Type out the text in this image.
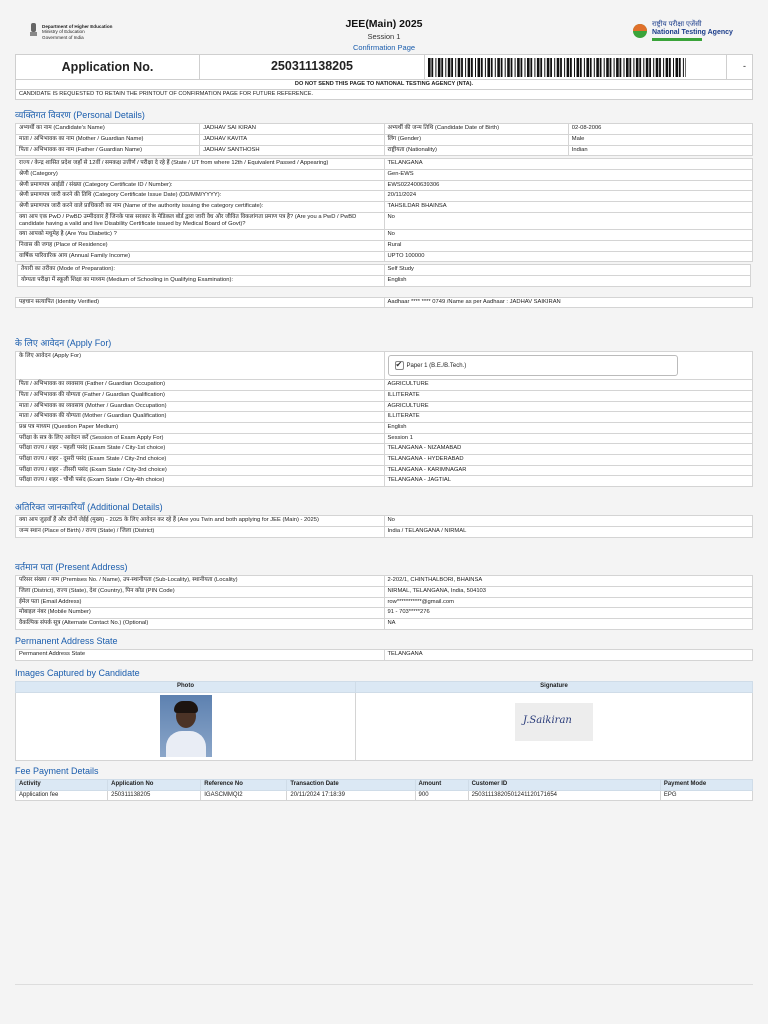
Department of Higher Education
Ministry of Education
Government of India
JEE(Main) 2025
Session 1
Confirmation Page
राष्ट्रीय परीक्षा एजेंसी
National Testing Agency
Application No.	250311138205	-
DO NOT SEND THIS PAGE TO NATIONAL TESTING AGENCY (NTA).
CANDIDATE IS REQUESTED TO RETAIN THE PRINTOUT OF CONFIRMATION PAGE FOR FUTURE REFERENCE.
व्यक्तिगत विवरण (Personal Details)
अभ्यर्थी का नाम (Candidate's Name)	JADHAV SAI KIRAN	अभ्यर्थी की जन्म तिथि (Candidate Date of Birth)	02-08-2006
माता / अभिभावक का नाम (Mother / Guardian Name)	JADHAV KAVITA	लिंग (Gender)	Male
पिता / अभिभावक का नाम (Father / Guardian Name)	JADHAV SANTHOSH	राष्ट्रीयता (Nationality)	Indian
राज्य / केन्द्र शासित प्रदेश जहाँ से 12वीं / समकक्ष उत्तीर्ण / परीक्षा दे रहे हैं (State / UT from where 12th / Equivalent Passed / Appearing)	TELANGANA
श्रेणी (Category)	Gen-EWS
श्रेणी प्रमाणपत्र आईडी / संख्या (Category Certificate ID / Number):	EWS022400639306
श्रेणी प्रमाणपत्र जारी करने की तिथि (Category Certificate Issue Date) (DD/MM/YYYY):	20/11/2024
श्रेणी प्रमाणपत्र जारी करने वाले प्राधिकारी का नाम (Name of the authority issuing the category certificate):	TAHSILDAR BHAINSA
क्या आप एक PwD / PwBD उम्मीदवार हैं जिनके पास सरकार के मेडिकल बोर्ड द्वारा जारी वैध और जीवित विकलांगता प्रमाण पत्र है? (Are you a PwD / PwBD candidate having a valid and live Disability Certificate issued by Medical Board of Govt)?	No
क्या आपको मधुमेह है (Are You Diabetic) ?	No
निवास की जगह (Place of Residence)	Rural
वार्षिक पारिवारिक आय (Annual Family Income)	UPTO 100000
तैयारी का तरीका (Mode of Preparation):	Self Study
योग्यता परीक्षा में स्कूली शिक्षा का माध्यम (Medium of Schooling in Qualifying Examination):	English
पहचान सत्यापित (Identity Verified)	Aadhaar **** **** 0749 /Name as per Aadhaar : JADHAV SAIKIRAN
के लिए आवेदन (Apply For)
के लिए आवेदन (Apply For)	
✔Paper 1 (B.E./B.Tech.)

पिता / अभिभावक का व्यवसाय (Father / Guardian Occupation)	AGRICULTURE
पिता / अभिभावक की योग्यता (Father / Guardian Qualification)	ILLITERATE
माता / अभिभावक का व्यवसाय (Mother / Guardian Occupation)	AGRICULTURE
माता / अभिभावक की योग्यता (Mother / Guardian Qualification)	ILLITERATE
प्रश्न पत्र माध्यम (Question Paper Medium)	English
परीक्षा के सत्र के लिए आवेदन करें (Session of Exam Apply For)	Session 1
परीक्षा राज्य / शहर - पहली पसंद (Exam State / City-1st choice)	TELANGANA - NIZAMABAD
परीक्षा राज्य / शहर - दूसरी पसंद (Exam State / City-2nd choice)	TELANGANA - HYDERABAD
परीक्षा राज्य / शहर - तीसरी पसंद (Exam State / City-3rd choice)	TELANGANA - KARIMNAGAR
परीक्षा राज्य / शहर - चौथी पसंद (Exam State / City-4th choice)	TELANGANA - JAGTIAL
अतिरिक्त जानकारियाँ (Additional Details)
क्या आप जुड़वाँ हैं और दोनों जेईई (मुख्य) - 2025 के लिए आवेदन कर रहे हैं (Are you Twin and both applying for JEE (Main) - 2025)	No
जन्म स्थान (Place of Birth) / राज्य (State) / जिला (District)	India / TELANGANA / NIRMAL
वर्तमान पता (Present Address)
परिसर संख्या / नाम (Premises No. / Name), उप-स्थानीयता (Sub-Locality), स्थानीयता (Locality)	2-202/1, CHINTHALBORI, BHAINSA
जिला (District), राज्य (State), देश (Country), पिन कोड (PIN Code)	NIRMAL, TELANGANA, India, 504103
ईमेल पता (Email Address)	row***********@gmail.com
मोबाइल नंबर (Mobile Number)	91 - 703*****276
वैकल्पिक संपर्क सूत्र (Alternate Contact No.) (Optional)	NA
Permanent Address State
Permanent Address State	TELANGANA
Images Captured by Candidate
Photo	Signature

	J.Saikiran
Fee Payment Details
Activity	Application No	Reference No	Transaction Date	Amount	Customer ID	Payment Mode
Application fee	250311138205	IGASCMMQI2	20/11/2024 17:18:39	900	25031113820501241120171654	EPG
